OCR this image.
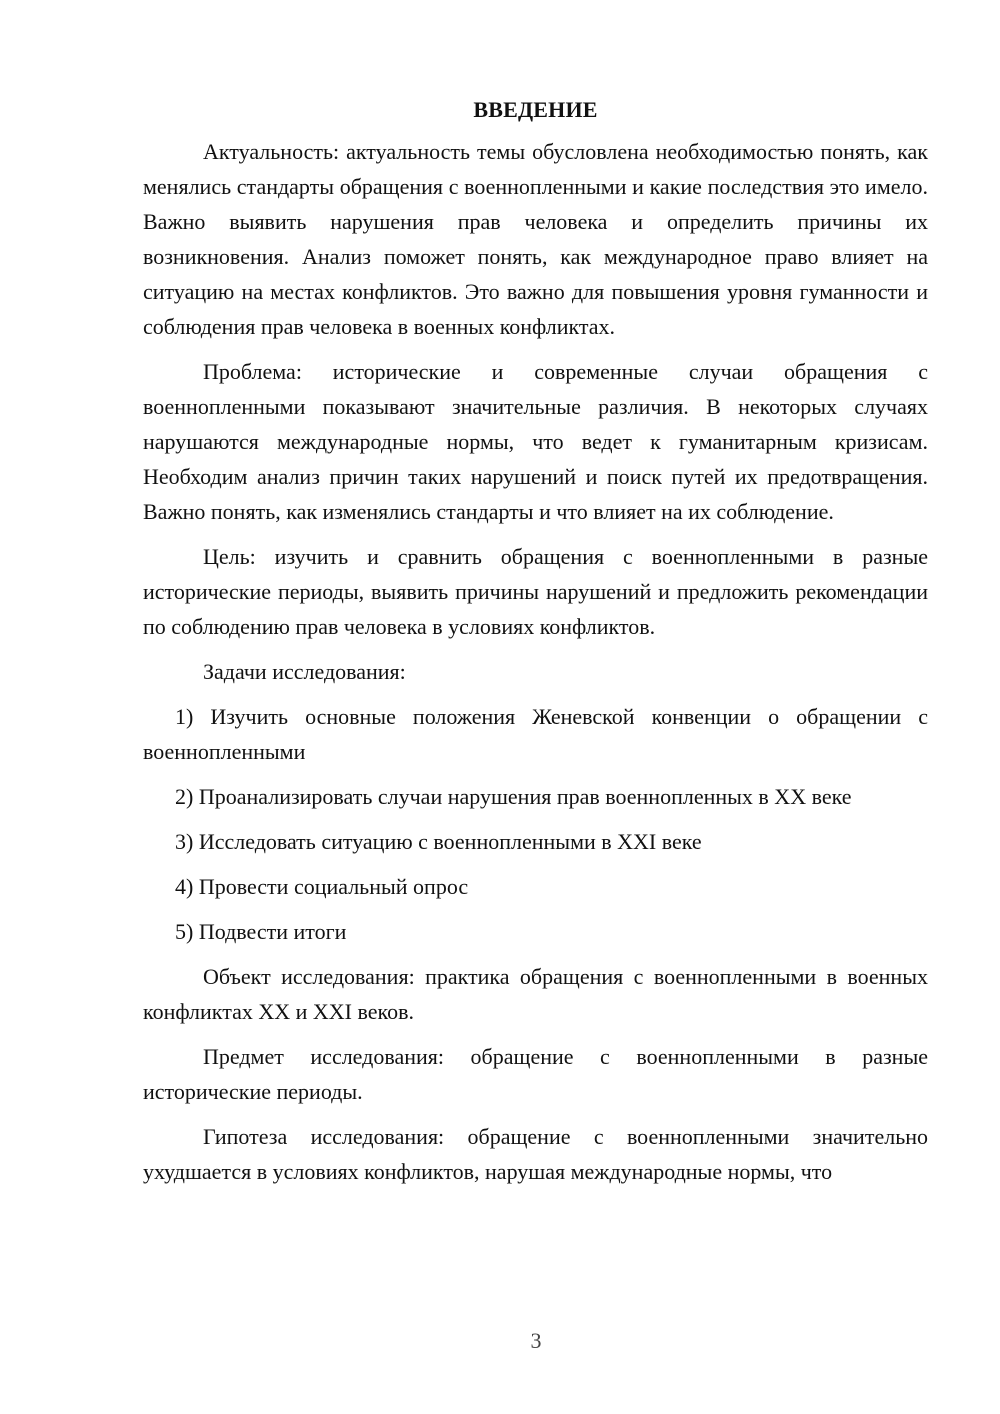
ВВЕДЕНИЕ

Актуальность: актуальность темы обусловлена необходимостью понять, как менялись стандарты обращения с военнопленными и какие последствия это имело. Важно выявить нарушения прав человека и определить причины их возникновения. Анализ поможет понять, как международное право влияет на ситуацию на местах конфликтов. Это важно для повышения уровня гуманности и соблюдения прав человека в военных конфликтах.

Проблема: исторические и современные случаи обращения с военнопленными показывают значительные различия. В некоторых случаях нарушаются международные нормы, что ведет к гуманитарным кризисам. Необходим анализ причин таких нарушений и поиск путей их предотвращения. Важно понять, как изменялись стандарты и что влияет на их соблюдение.

Цель: изучить и сравнить обращения с военнопленными в разные исторические периоды, выявить причины нарушений и предложить рекомендации по соблюдению прав человека в условиях конфликтов.

Задачи исследования:

1) Изучить основные положения Женевской конвенции о обращении с военнопленными

2) Проанализировать случаи нарушения прав военнопленных в XX веке

3) Исследовать ситуацию с военнопленными в XXI веке

4) Провести социальный опрос

5) Подвести итоги

Объект исследования: практика обращения с военнопленными в военных конфликтах XX и XXI веков.

Предмет исследования: обращение с военнопленными в разные исторические периоды.

Гипотеза исследования: обращение с военнопленными значительно ухудшается в условиях конфликтов, нарушая международные нормы, что

3
